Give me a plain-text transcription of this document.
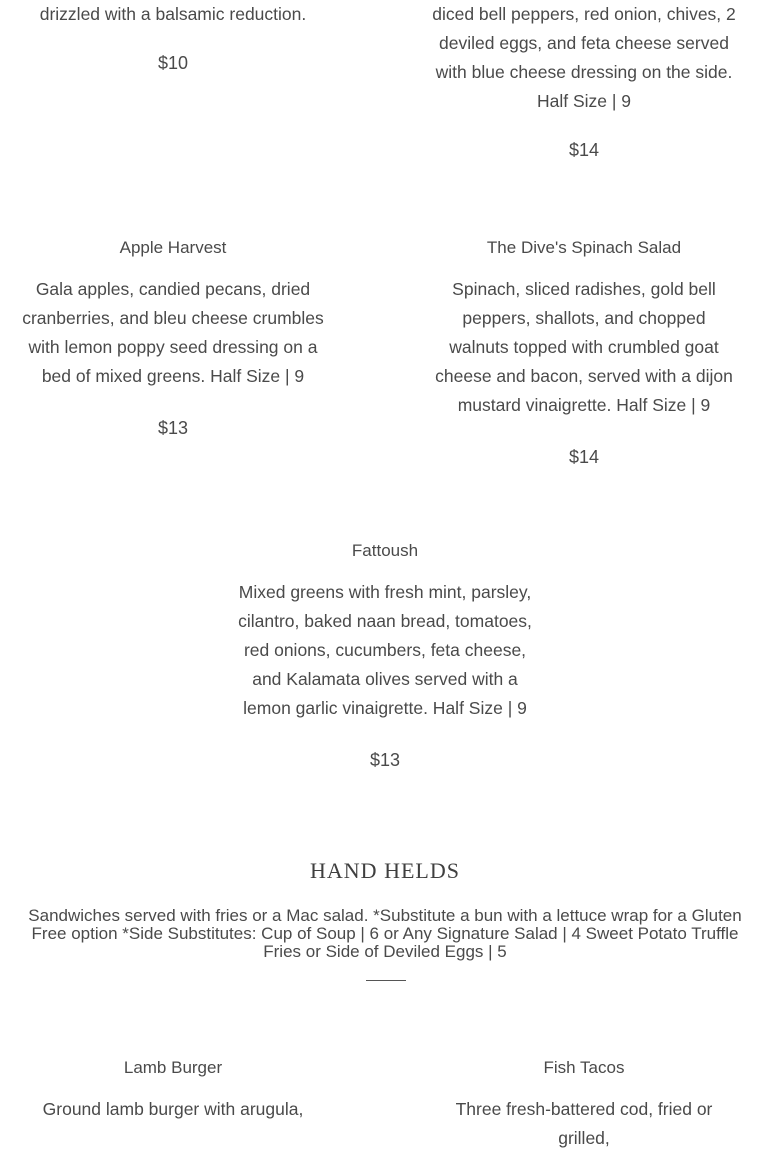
drizzled with a balsamic reduction.
$10
diced bell peppers, red onion, chives, 2 deviled eggs, and feta cheese served with blue cheese dressing on the side. Half Size | 9
$14
Apple Harvest
Gala apples, candied pecans, dried cranberries, and bleu cheese crumbles with lemon poppy seed dressing on a bed of mixed greens. Half Size | 9
$13
The Dive's Spinach Salad
Spinach, sliced radishes, gold bell peppers, shallots, and chopped walnuts topped with crumbled goat cheese and bacon, served with a dijon mustard vinaigrette. Half Size | 9
$14
Fattoush
Mixed greens with fresh mint, parsley, cilantro, baked naan bread, tomatoes, red onions, cucumbers, feta cheese, and Kalamata olives served with a lemon garlic vinaigrette. Half Size | 9
$13
HAND HELDS
Sandwiches served with fries or a Mac salad. *Substitute a bun with a lettuce wrap for a Gluten Free option *Side Substitutes: Cup of Soup | 6 or Any Signature Salad | 4 Sweet Potato Truffle Fries or Side of Deviled Eggs | 5
Lamb Burger
Ground lamb burger with arugula,
Fish Tacos
Three fresh-battered cod, fried or grilled,
